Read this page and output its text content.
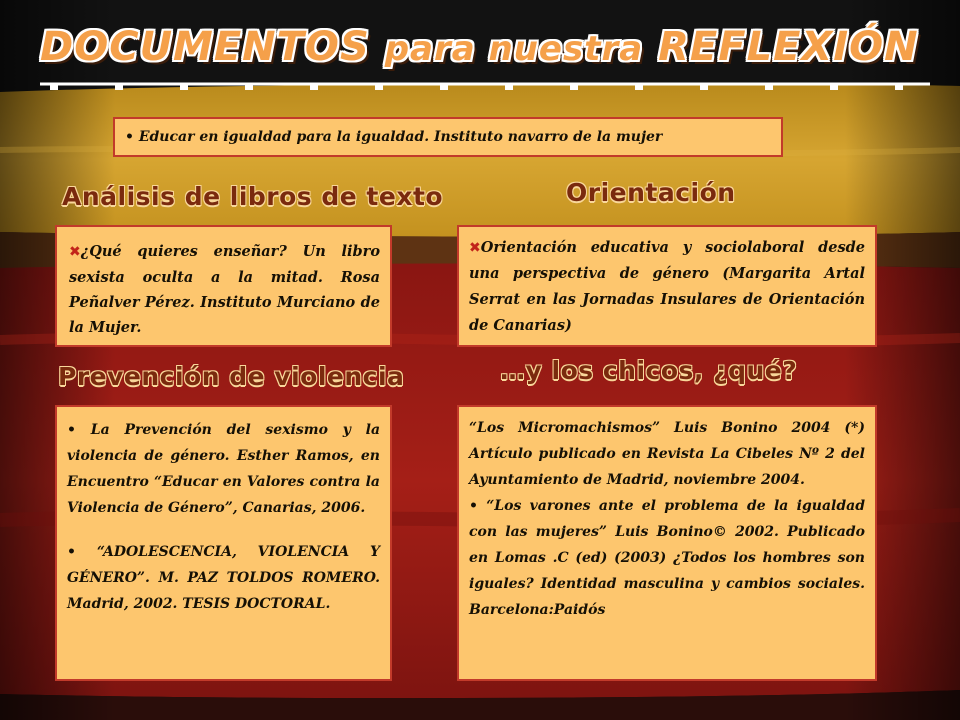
DOCUMENTOS para nuestra REFLEXIÓN
• Educar en igualdad para la igualdad. Instituto navarro de la mujer
Análisis de libros de texto	Orientación

✖¿Qué quieres enseñar? Un libro sexista oculta a la mitad. Rosa Peñalver Pérez. Instituto Murciano de la Mujer.

✖Orientación educativa y sociolaboral desde una perspectiva de género (Margarita Artal Serrat en las Jornadas Insulares de Orientación de Canarias)

Prevención de violencia	…y los chicos, ¿qué?

• La Prevención del sexismo y la violencia de género. Esther Ramos, en Encuentro “Educar en Valores contra la Violencia de Género”, Canarias, 2006.

• “ADOLESCENCIA, VIOLENCIA Y GÉNERO”. M. PAZ TOLDOS ROMERO. Madrid, 2002. TESIS DOCTORAL.

“Los Micromachismos” Luis Bonino 2004 (*) Artículo publicado en Revista La Cibeles Nº 2 del Ayuntamiento de Madrid, noviembre 2004.

• “Los varones ante el problema de la igualdad con las mujeres” Luis Bonino© 2002. Publicado en Lomas .C (ed) (2003) ¿Todos los hombres son iguales? Identidad masculina y cambios sociales. Barcelona:Paidós
